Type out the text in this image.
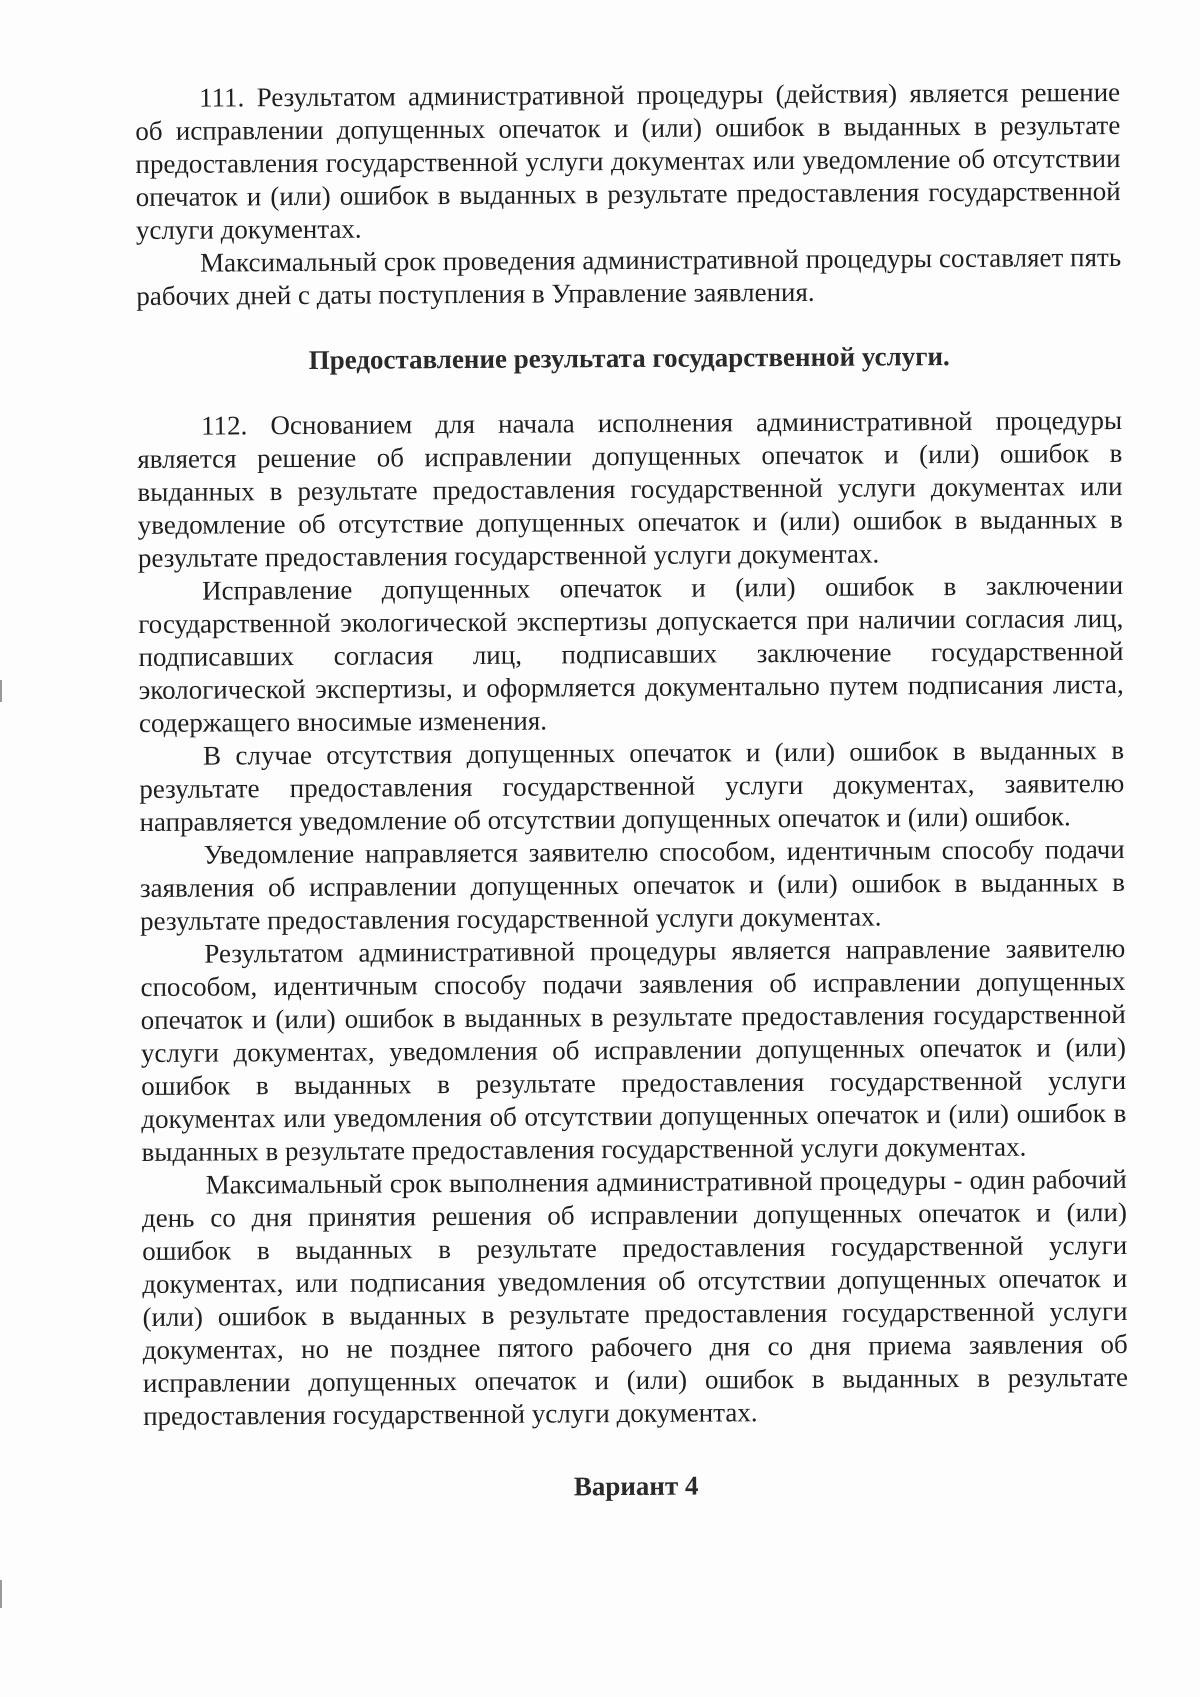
111. Результатом административной процедуры (действия) является решение об исправлении допущенных опечаток и (или) ошибок в выданных в результате предоставления государственной услуги документах или уведомление об отсутствии опечаток и (или) ошибок в выданных в результате предоставления государственной услуги документах.

Максимальный срок проведения административной процедуры составляет пять рабочих дней с даты поступления в Управление заявления.

Предоставление результата государственной услуги.

112. Основанием для начала исполнения административной процедуры является решение об исправлении допущенных опечаток и (или) ошибок в выданных в результате предоставления государственной услуги документах или уведомление об отсутствие допущенных опечаток и (или) ошибок в выданных в результате предоставления государственной услуги документах.

Исправление допущенных опечаток и (или) ошибок в заключении государственной экологической экспертизы допускается при наличии согласия лиц, подписавших согласия лиц, подписавших заключение государственной экологической экспертизы, и оформляется документально путем подписания листа, содержащего вносимые изменения.

В случае отсутствия допущенных опечаток и (или) ошибок в выданных в результате предоставления государственной услуги документах, заявителю направляется уведомление об отсутствии допущенных опечаток и (или) ошибок.

Уведомление направляется заявителю способом, идентичным способу подачи заявления об исправлении допущенных опечаток и (или) ошибок в выданных в результате предоставления государственной услуги документах.

Результатом административной процедуры является направление заявителю способом, идентичным способу подачи заявления об исправлении допущенных опечаток и (или) ошибок в выданных в результате предоставления государственной услуги документах, уведомления об исправлении допущенных опечаток и (или) ошибок в выданных в результате предоставления государственной услуги документах или уведомления об отсутствии допущенных опечаток и (или) ошибок в выданных в результате предоставления государственной услуги документах.

Максимальный срок выполнения административной процедуры - один рабочий день со дня принятия решения об исправлении допущенных опечаток и (или) ошибок в выданных в результате предоставления государственной услуги документах, или подписания уведомления об отсутствии допущенных опечаток и (или) ошибок в выданных в результате предоставления государственной услуги документах, но не позднее пятого рабочего дня со дня приема заявления об исправлении допущенных опечаток и (или) ошибок в выданных в результате предоставления государственной услуги документах.

Вариант 4
